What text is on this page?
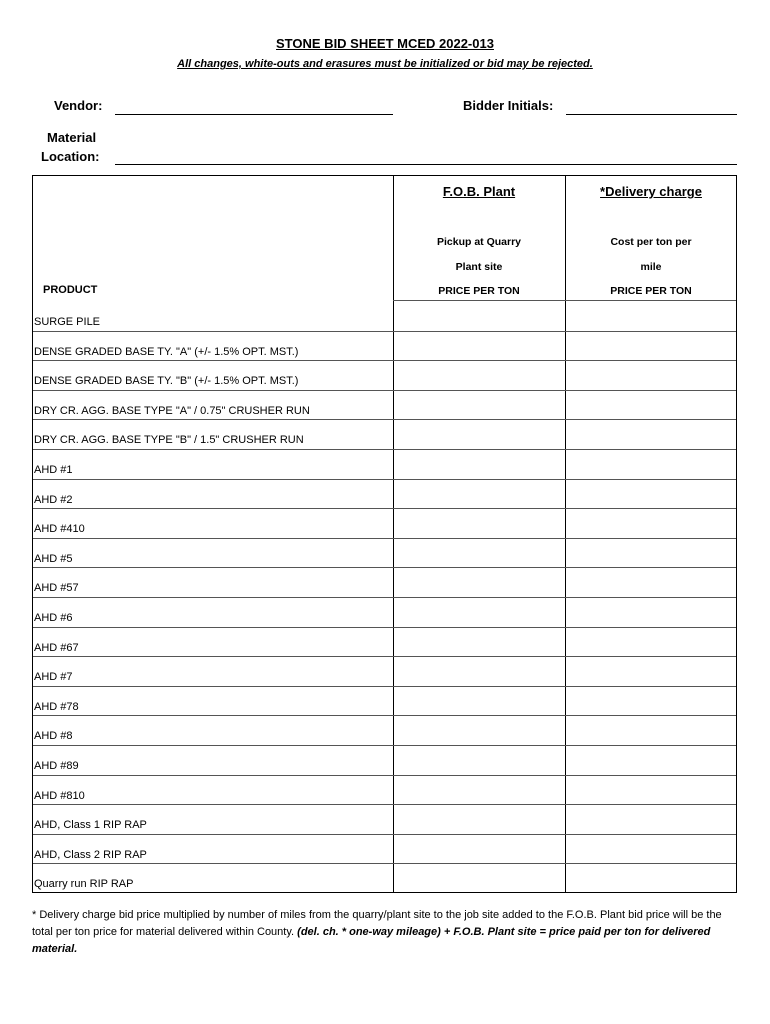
STONE BID SHEET MCED 2022-013
All changes, white-outs and erasures must be initialized or bid may be rejected.
Vendor:	Bidder Initials:
Material
Location:
PRODUCT
F.O.B. Plant
Pickup at Quarry
Plant site
PRICE PER TON
*Delivery charge
Cost per ton per
mile
PRICE PER TON
SURGE PILE
DENSE GRADED BASE TY. "A" (+/- 1.5% OPT. MST.)
DENSE GRADED BASE TY. "B" (+/- 1.5% OPT. MST.)
DRY CR. AGG. BASE TYPE "A" / 0.75" CRUSHER RUN
DRY CR. AGG. BASE TYPE "B" / 1.5" CRUSHER RUN
AHD #1
AHD #2
AHD #410
AHD #5
AHD #57
AHD #6
AHD #67
AHD #7
AHD #78
AHD #8
AHD #89
AHD #810
AHD, Class 1 RIP RAP
AHD, Class 2 RIP RAP
Quarry run RIP RAP
* Delivery charge bid price multiplied by number of miles from the quarry/plant site to the job site added to the F.O.B. Plant bid price will be the total per ton price for material delivered within County. (del. ch. * one-way mileage) + F.O.B. Plant site = price paid per ton for delivered material.
